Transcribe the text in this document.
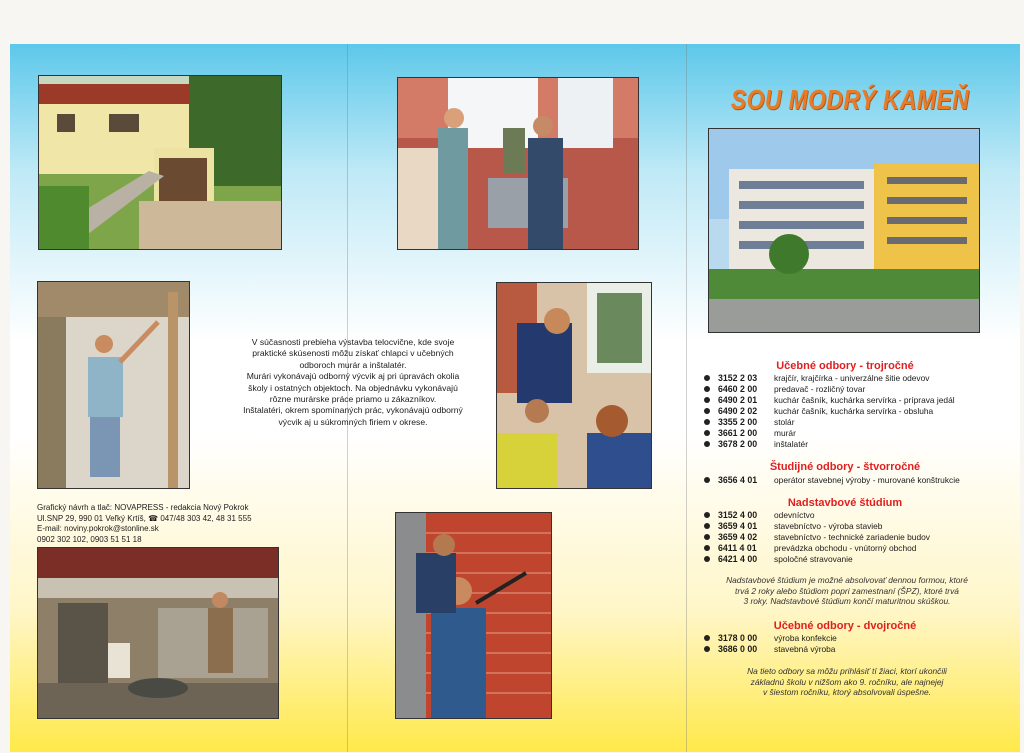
SOU MODRÝ KAMEŇ

V súčasnosti prebieha výstavba telocvične, kde svoje

praktické skúsenosti môžu získať chlapci v učebných

odboroch murár a inštalatér.

Murári vykonávajú odborný výcvik aj pri úpravách okolia

školy i ostatných objektoch. Na objednávku vykonávajú

rôzne murárske práce priamo u zákazníkov.

Inštalatéri, okrem spomínaných prác, vykonávajú odborný

výcvik aj u súkromných firiem v okrese.

Grafický návrh a tlač: NOVAPRESS - redakcia Nový Pokrok
Ul.SNP 29, 990 01 Veľký Krtíš, ☎ 047/48 303 42, 48 31 555
E-mail: noviny.pokrok@stonline.sk
0902 302 102, 0903 51 51 18
Učebné odbory - trojročné
3152 2 03 krajčír, krajčírka - univerzálne šitie odevov
6460 2 00 predavač - rozličný tovar
6490 2 01 kuchár čašník, kuchárka servírka - príprava jedál
6490 2 02 kuchár čašník, kuchárka servírka - obsluha
3355 2 00 stolár
3661 2 00 murár
3678 2 00 inštalatér
Študijné odbory - štvorročné
3656 4 01 operátor stavebnej výroby - murované konštrukcie
Nadstavbové štúdium
3152 4 00 odevníctvo
3659 4 01 stavebníctvo - výroba stavieb
3659 4 02 stavebníctvo - technické zariadenie budov
6411 4 01 prevádzka obchodu - vnútorný obchod
6421 4 00 spoločné stravovanie
Nadstavbové štúdium je možné absolvovať dennou formou, ktoré
trvá 2 roky alebo štúdiom popri zamestnaní (ŠPZ), ktoré trvá
3 roky. Nadstavbové štúdium končí maturitnou skúškou.
Učebné odbory - dvojročné
3178 0 00 výroba konfekcie
3686 0 00 stavebná výroba
Na tieto odbory sa môžu prihlásiť tí žiaci, ktorí ukončili
základnú školu v nižšom ako 9. ročníku, ale najnejej
v šiestom ročníku, ktorý absolvovali úspešne.
